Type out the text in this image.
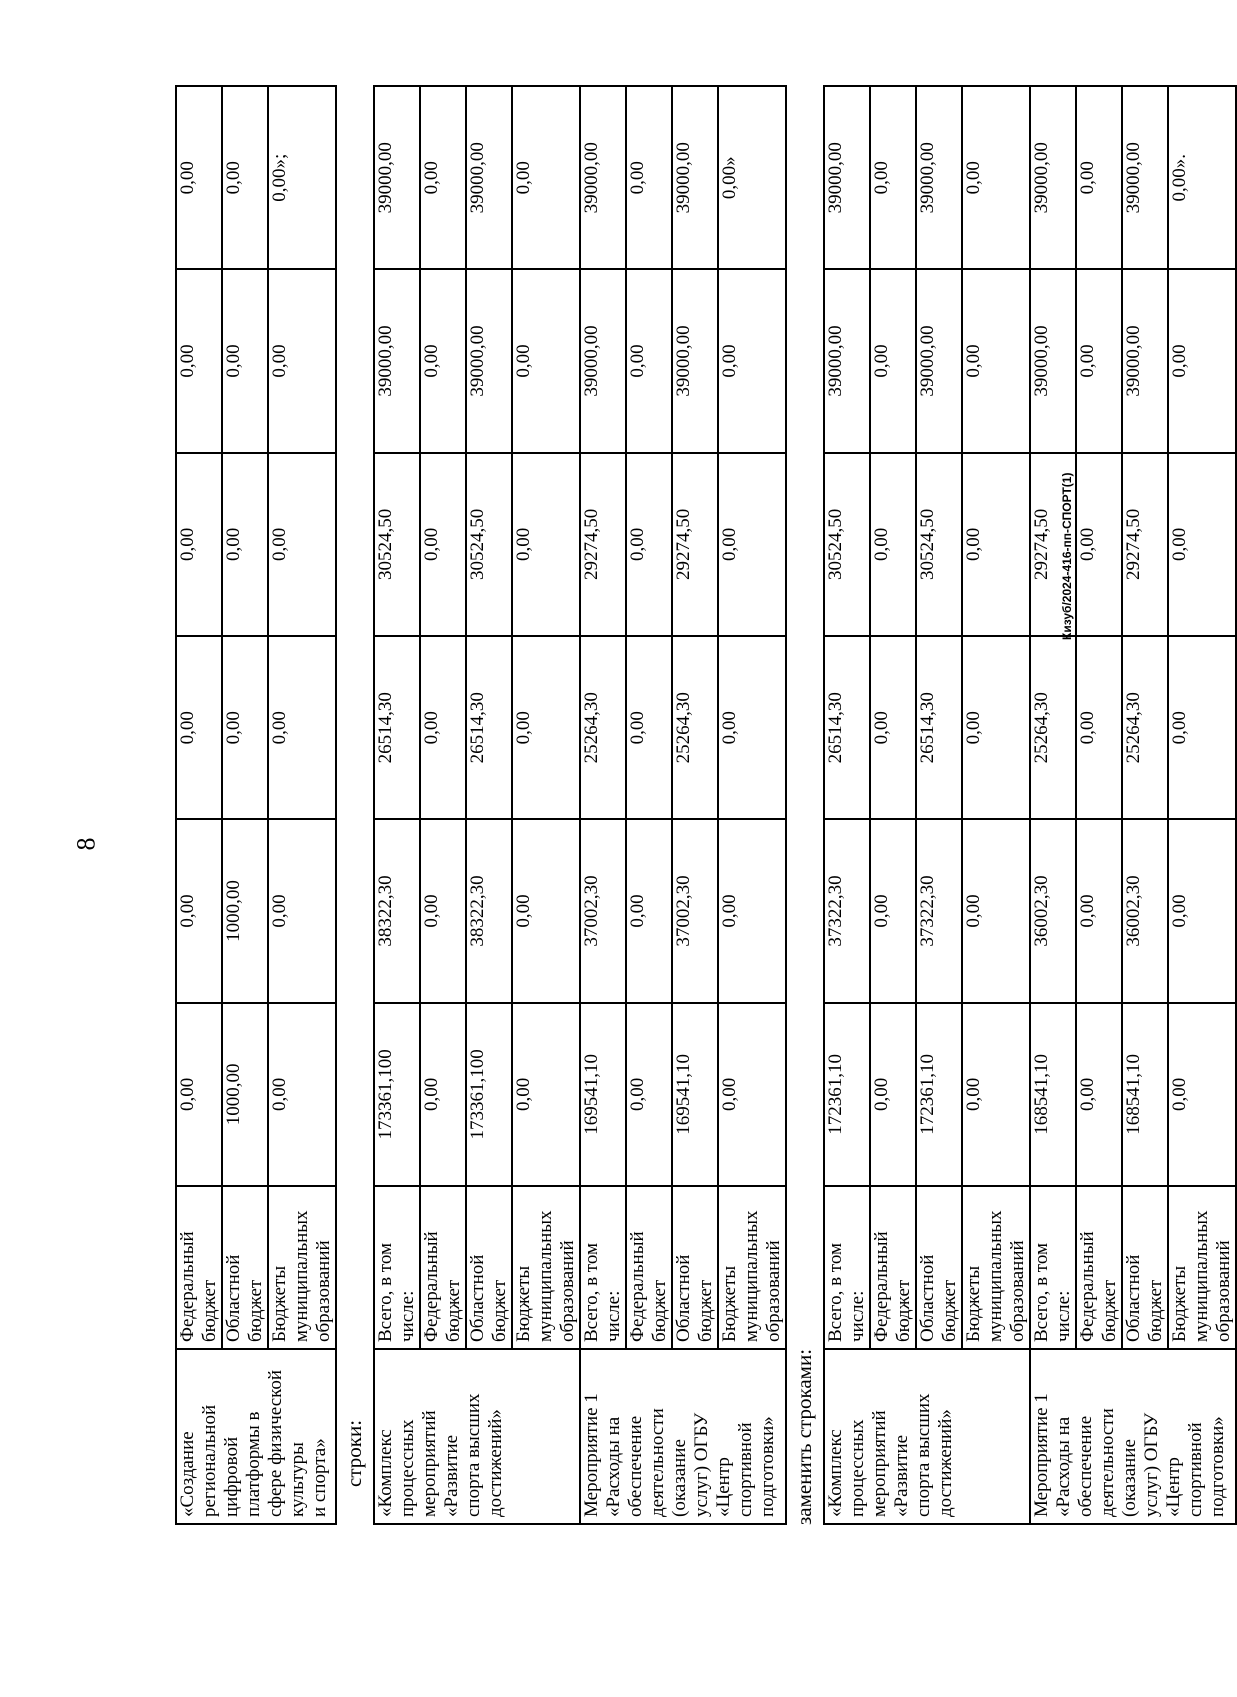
8
Кизуб/2024-416-пп-СПОРТ(1)
«Создание региональной цифровой платформы в сфере физической культуры и спорта»	Федеральный бюджет	0,00	0,00	0,00	0,00	0,00	0,00
	Областной бюджет	1000,00	1000,00	0,00	0,00	0,00	0,00
	Бюджеты муниципальных образований	0,00	0,00	0,00	0,00	0,00	0,00»;
строки: «Комплекс процессных мероприятий «Развитие спорта высших достижений»	Всего, в том числе:	173361,100	38322,30	26514,30	30524,50	39000,00	39000,00
	Федеральный бюджет	0,00	0,00	0,00	0,00	0,00	0,00
	Областной бюджет	173361,100	38322,30	26514,30	30524,50	39000,00	39000,00
	Бюджеты муниципальных образований	0,00	0,00	0,00	0,00	0,00	0,00

Мероприятие 1 «Расходы на обеспечение деятельности (оказание услуг) ОГБУ «Центр спортивной подготовки»	Всего, в том числе:	169541,10	37002,30	25264,30	29274,50	39000,00	39000,00
	Федеральный бюджет	0,00	0,00	0,00	0,00	0,00	0,00
	Областной бюджет	169541,10	37002,30	25264,30	29274,50	39000,00	39000,00
	Бюджеты муниципальных образований	0,00	0,00	0,00	0,00	0,00	0,00»
заменить строками: «Комплекс процессных мероприятий «Развитие спорта высших достижений»	Всего, в том числе:	172361,10	37322,30	26514,30	30524,50	39000,00	39000,00
	Федеральный бюджет	0,00	0,00	0,00	0,00	0,00	0,00
	Областной бюджет	172361,10	37322,30	26514,30	30524,50	39000,00	39000,00
	Бюджеты муниципальных образований	0,00	0,00	0,00	0,00	0,00	0,00

Мероприятие 1 «Расходы на обеспечение деятельности (оказание услуг) ОГБУ «Центр спортивной подготовки»	Всего, в том числе:	168541,10	36002,30	25264,30	29274,50	39000,00	39000,00
	Федеральный бюджет	0,00	0,00	0,00	0,00	0,00	0,00
	Областной бюджет	168541,10	36002,30	25264,30	29274,50	39000,00	39000,00
	Бюджеты муниципальных образований	0,00	0,00	0,00	0,00	0,00	0,00».
